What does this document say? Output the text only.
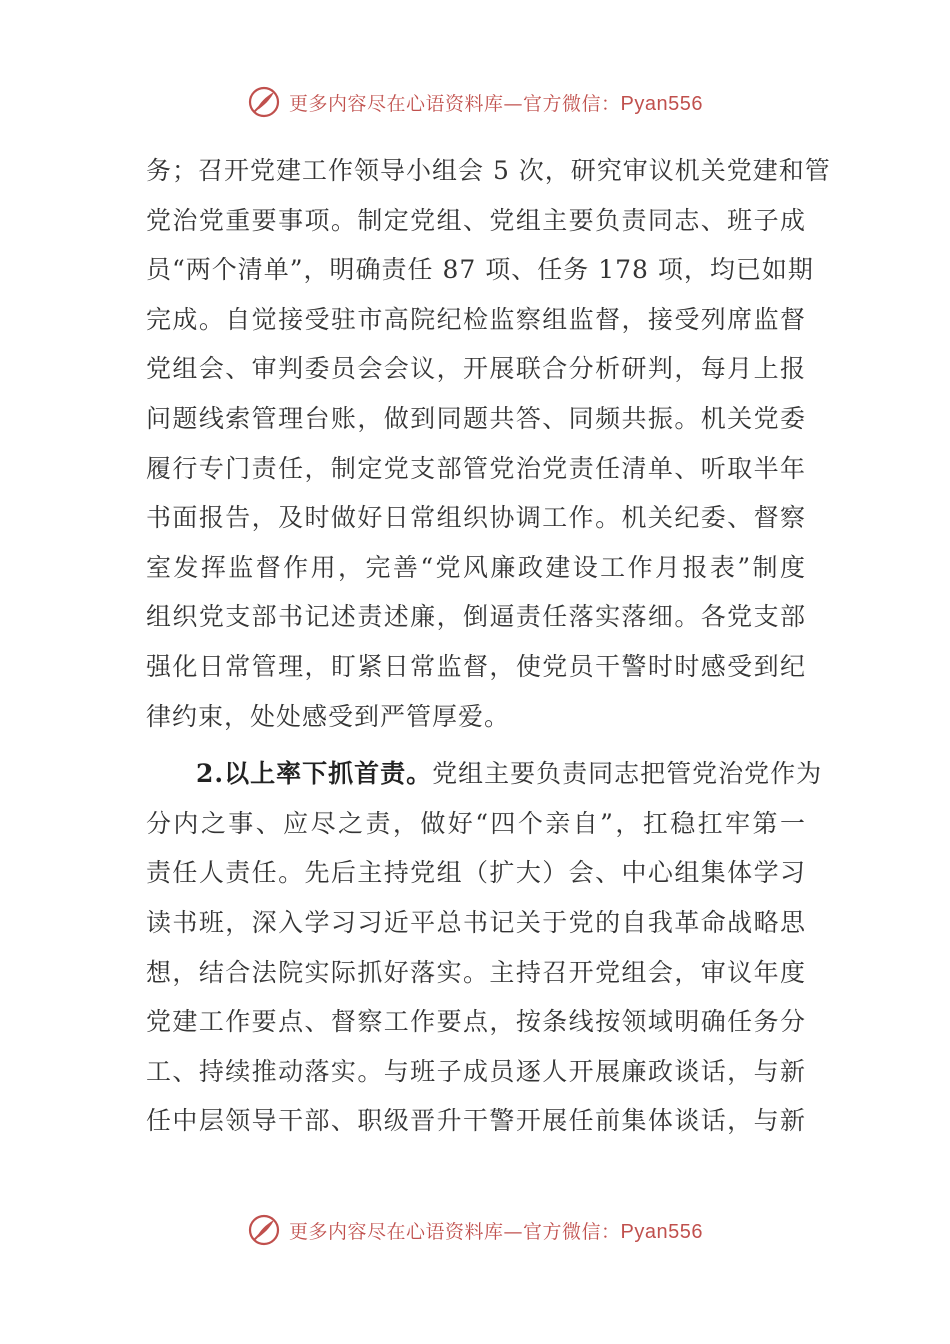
更多内容尽在心语资料库—官方微信：Pyan556
务；召开党建工作领导小组会 5 次，研究审议机关党建和管
党治党重要事项。制定党组、党组主要负责同志、班子成
员“两个清单”，明确责任 87 项、任务 178 项，均已如期
完成。自觉接受驻市高院纪检监察组监督，接受列席监督
党组会、审判委员会会议，开展联合分析研判，每月上报
问题线索管理台账，做到同题共答、同频共振。机关党委
履行专门责任，制定党支部管党治党责任清单、听取半年
书面报告，及时做好日常组织协调工作。机关纪委、督察
室发挥监督作用，完善“党风廉政建设工作月报表”制度
组织党支部书记述责述廉，倒逼责任落实落细。各党支部
强化日常管理，盯紧日常监督，使党员干警时时感受到纪
律约束，处处感受到严管厚爱。
2.以上率下抓首责。党组主要负责同志把管党治党作为
分内之事、应尽之责，做好“四个亲自”，扛稳扛牢第一
责任人责任。先后主持党组（扩大）会、中心组集体学习
读书班，深入学习习近平总书记关于党的自我革命战略思
想，结合法院实际抓好落实。主持召开党组会，审议年度
党建工作要点、督察工作要点，按条线按领域明确任务分
工、持续推动落实。与班子成员逐人开展廉政谈话，与新
任中层领导干部、职级晋升干警开展任前集体谈话，与新
更多内容尽在心语资料库—官方微信：Pyan556
